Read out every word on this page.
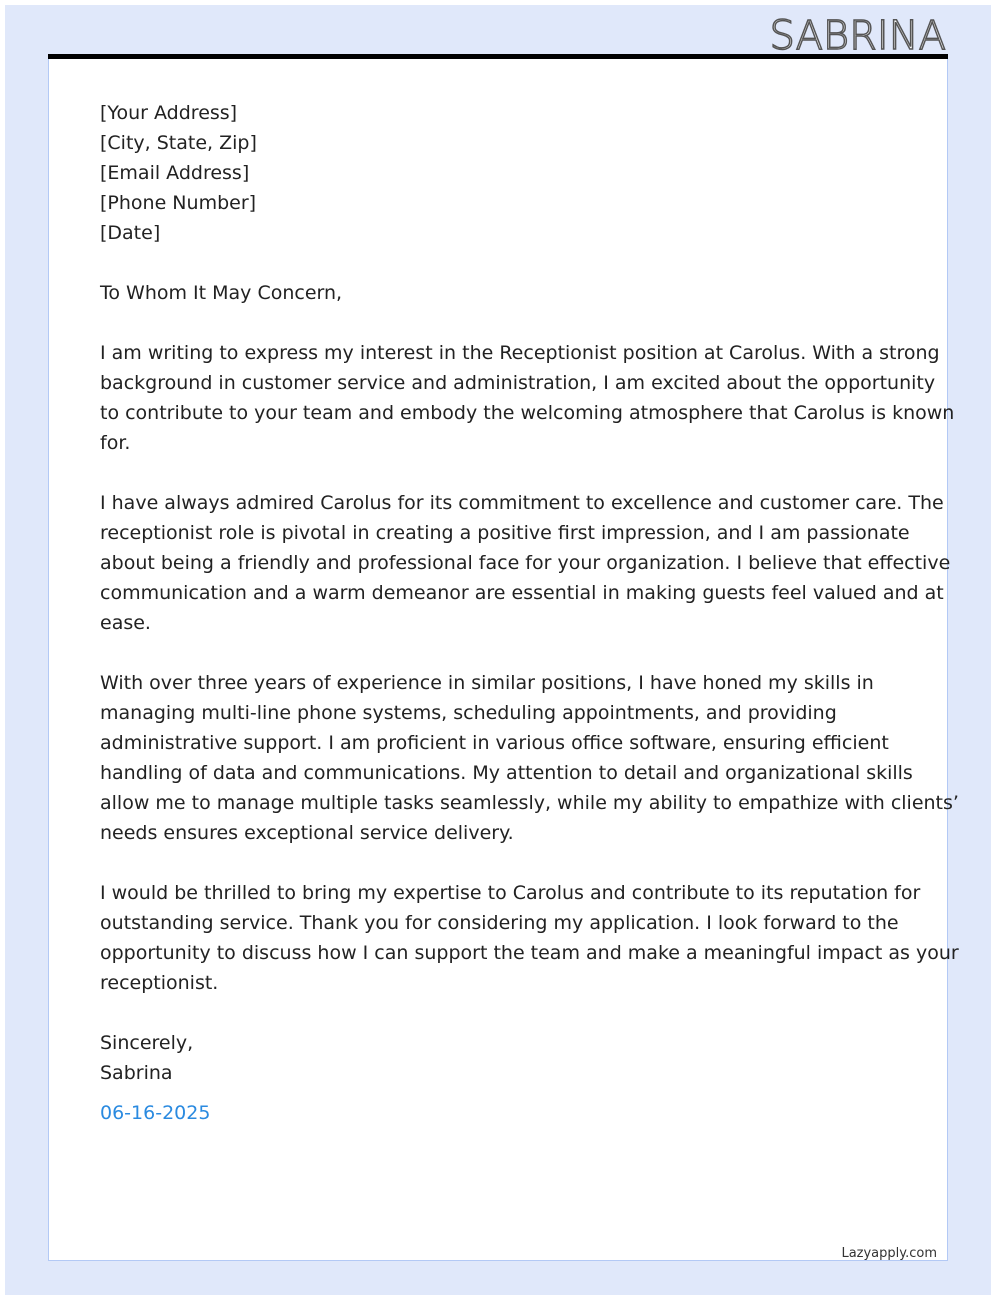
SABRINA
[Your Address]
[City, State, Zip]
[Email Address]
[Phone Number]
[Date]
To Whom It May Concern,
I am writing to express my interest in the Receptionist position at Carolus. With a strong
background in customer service and administration, I am excited about the opportunity
to contribute to your team and embody the welcoming atmosphere that Carolus is known
for.
I have always admired Carolus for its commitment to excellence and customer care. The
receptionist role is pivotal in creating a positive first impression, and I am passionate
about being a friendly and professional face for your organization. I believe that effective
communication and a warm demeanor are essential in making guests feel valued and at
ease.
With over three years of experience in similar positions, I have honed my skills in
managing multi-line phone systems, scheduling appointments, and providing
administrative support. I am proficient in various office software, ensuring efficient
handling of data and communications. My attention to detail and organizational skills
allow me to manage multiple tasks seamlessly, while my ability to empathize with clients’
needs ensures exceptional service delivery.
I would be thrilled to bring my expertise to Carolus and contribute to its reputation for
outstanding service. Thank you for considering my application. I look forward to the
opportunity to discuss how I can support the team and make a meaningful impact as your
receptionist.
Sincerely,
Sabrina
06-16-2025
Lazyapply.com
